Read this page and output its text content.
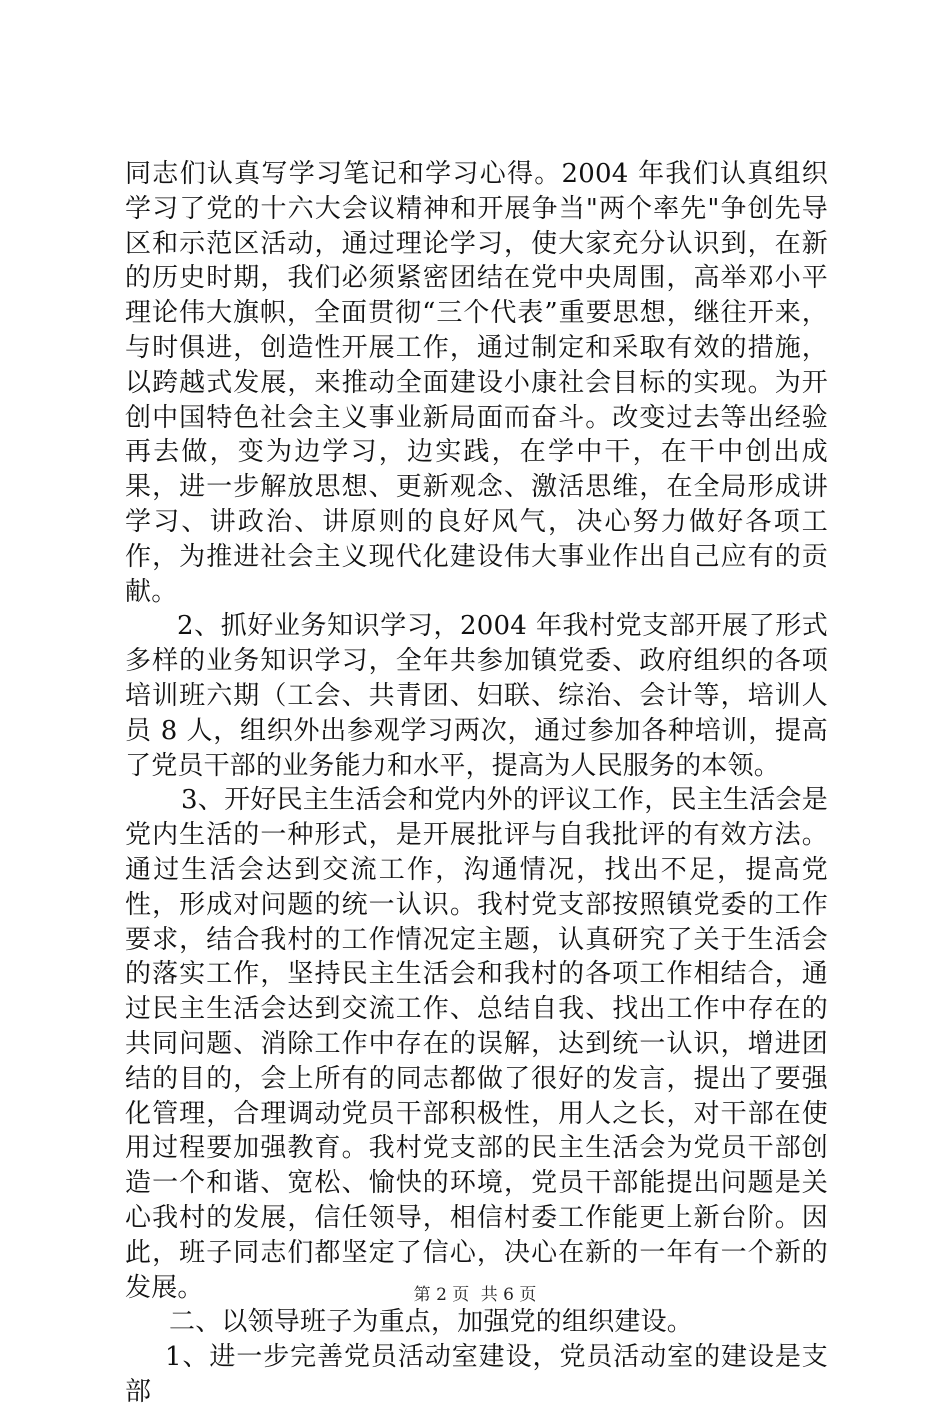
同志们认真写学习笔记和学习心得。2004 年我们认真组织学习了党的十六大会议精神和开展争当"两个率先"争创先导区和示范区活动，通过理论学习，使大家充分认识到，在新的历史时期，我们必须紧密团结在党中央周围，高举邓小平理论伟大旗帜，全面贯彻“三个代表”重要思想，继往开来，与时俱进，创造性开展工作，通过制定和采取有效的措施，以跨越式发展，来推动全面建设小康社会目标的实现。为开创中国特色社会主义事业新局面而奋斗。改变过去等出经验再去做，变为边学习，边实践，在学中干，在干中创出成果，进一步解放思想、更新观念、激活思维，在全局形成讲学习、讲政治、讲原则的良好风气，决心努力做好各项工作，为推进社会主义现代化建设伟大事业作出自己应有的贡献。

2、抓好业务知识学习，2004 年我村党支部开展了形式多样的业务知识学习，全年共参加镇党委、政府组织的各项培训班六期（工会、共青团、妇联、综治、会计等，培训人员 8 人，组织外出参观学习两次，通过参加各种培训，提高了党员干部的业务能力和水平，提高为人民服务的本领。

3、开好民主生活会和党内外的评议工作，民主生活会是党内生活的一种形式，是开展批评与自我批评的有效方法。通过生活会达到交流工作，沟通情况，找出不足，提高党性，形成对问题的统一认识。我村党支部按照镇党委的工作要求，结合我村的工作情况定主题，认真研究了关于生活会的落实工作，坚持民主生活会和我村的各项工作相结合，通过民主生活会达到交流工作、总结自我、找出工作中存在的共同问题、消除工作中存在的误解，达到统一认识，增进团结的目的，会上所有的同志都做了很好的发言，提出了要强化管理，合理调动党员干部积极性，用人之长，对干部在使用过程要加强教育。我村党支部的民主生活会为党员干部创造一个和谐、宽松、愉快的环境，党员干部能提出问题是关心我村的发展，信任领导，相信村委工作能更上新台阶。因此，班子同志们都坚定了信心，决心在新的一年有一个新的发展。

二、以领导班子为重点，加强党的组织建设。

1、进一步完善党员活动室建设，党员活动室的建设是支部

第 2 页 共 6 页
